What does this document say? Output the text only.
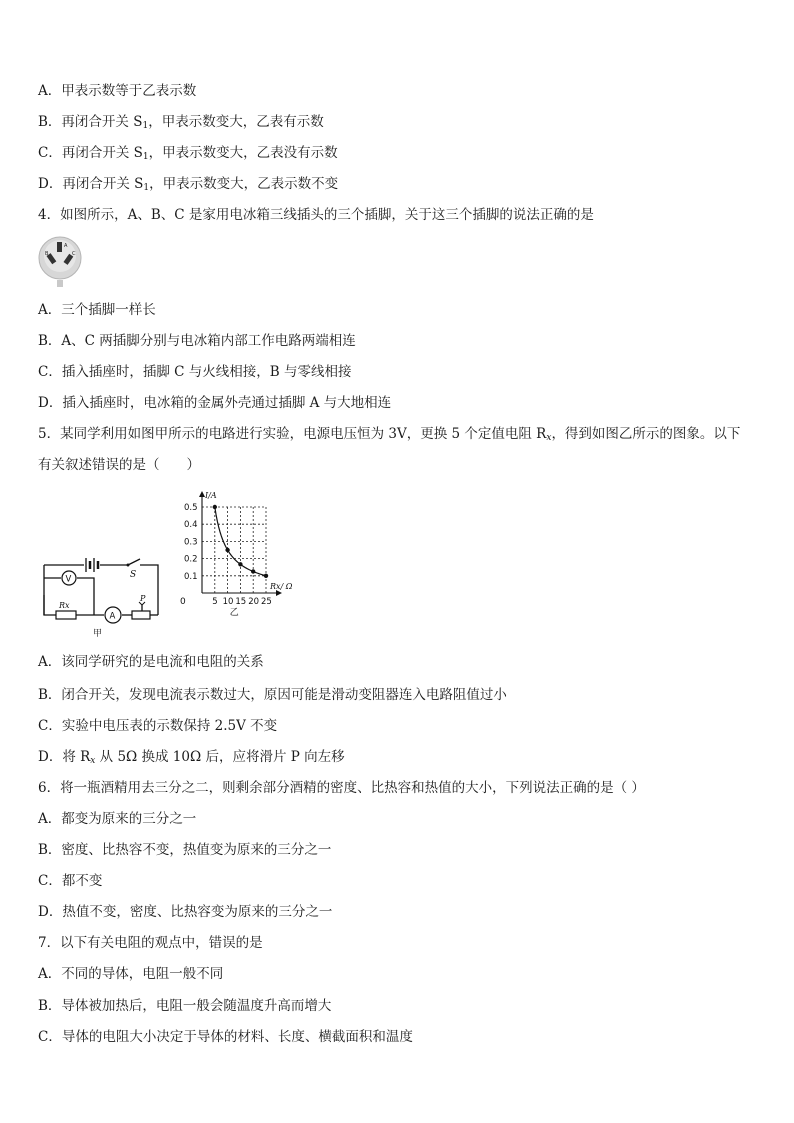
A．甲表示数等于乙表示数
B．再闭合开关 $S_1$，甲表示数变大，乙表有示数
C．再闭合开关 $S_1$，甲表示数变大，乙表没有示数
D．再闭合开关 $S_1$，甲表示数变大，乙表示数不变
4．如图所示，A、B、C 是家用电冰箱三线插头的三个插脚，关于这三个插脚的说法正确的是
A
B	C
A．三个插脚一样长
B．A、C 两插脚分别与电冰箱内部工作电路两端相连
C．插入插座时，插脚 C 与火线相接，B 与零线相接
D．插入插座时，电冰箱的金属外壳通过插脚 A 与大地相连
5．某同学利用如图甲所示的电路进行实验，电源电压恒为 3V，更换 5 个定值电阻 $R_x$，得到如图乙所示的图象。以下
有关叙述错误的是（　　）
S
V
Rx
A
P
甲
5 10 15 20 25
0.1
0.2
0.3
0.4
0.5
I/A
Rx/ Ω
0
乙
A．该同学研究的是电流和电阻的关系
B．闭合开关，发现电流表示数过大，原因可能是滑动变阻器连入电路阻值过小
C．实验中电压表的示数保持 2.5V 不变
D．将 $R_x$ 从 5Ω 换成 10Ω 后，应将滑片 P 向左移
6．将一瓶酒精用去三分之二，则剩余部分酒精的密度、比热容和热值的大小，下列说法正确的是（ ）
A．都变为原来的三分之一
B．密度、比热容不变，热值变为原来的三分之一
C．都不变
D．热值不变，密度、比热容变为原来的三分之一
7．以下有关电阻的观点中，错误的是
A．不同的导体，电阻一般不同
B．导体被加热后，电阻一般会随温度升高而增大
C．导体的电阻大小决定于导体的材料、长度、横截面积和温度
